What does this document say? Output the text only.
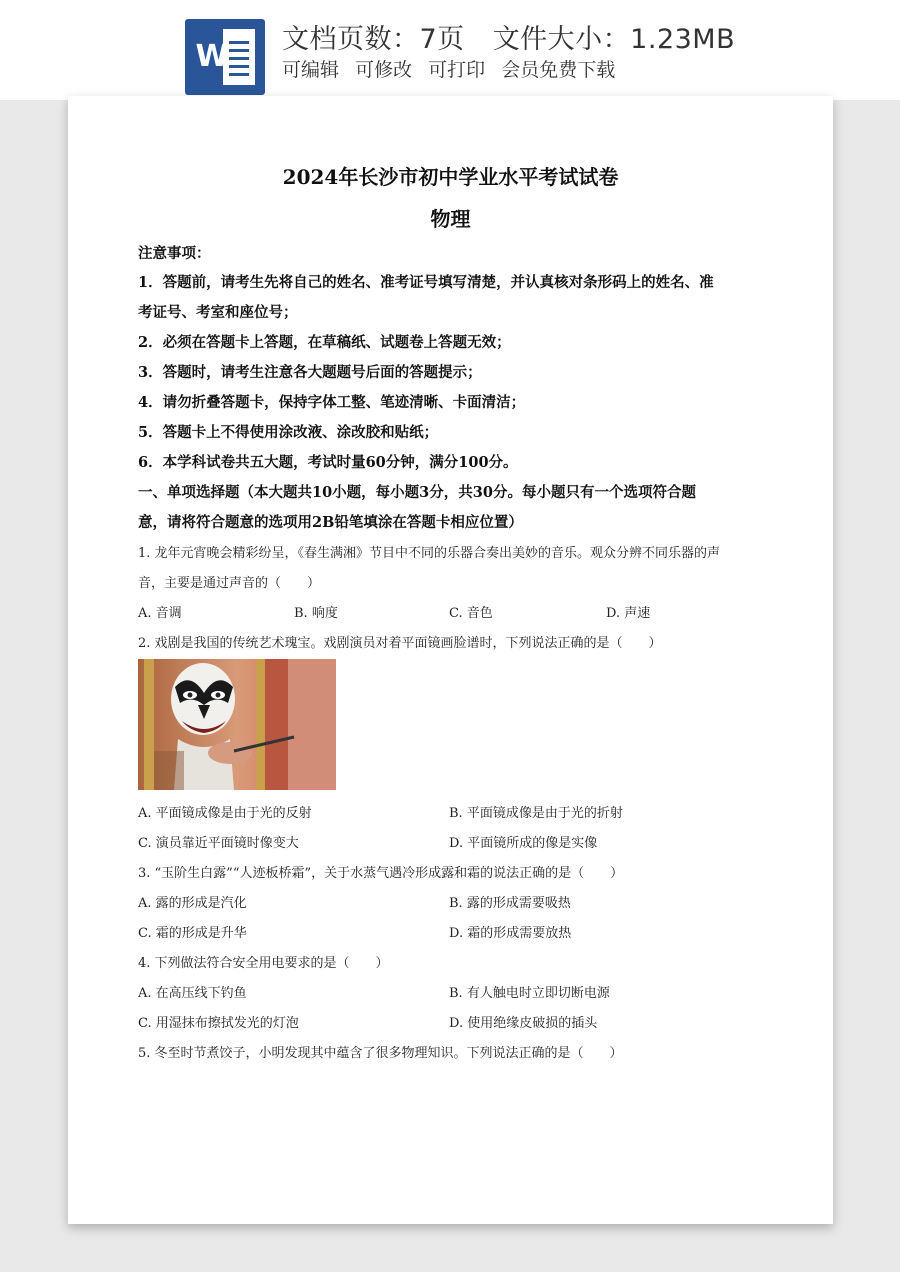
W 文档页数：7页 文件大小：1.23MB
可编辑 可修改 可打印 会员免费下载
2024年长沙市初中学业水平考试试卷
物理
注意事项：
1．答题前，请考生先将自己的姓名、准考证号填写清楚，并认真核对条形码上的姓名、准
考证号、考室和座位号；
2．必须在答题卡上答题，在草稿纸、试题卷上答题无效；
3．答题时，请考生注意各大题题号后面的答题提示；
4．请勿折叠答题卡，保持字体工整、笔迹清晰、卡面清洁；
5．答题卡上不得使用涂改液、涂改胶和贴纸；
6．本学科试卷共五大题，考试时量60分钟，满分100分。
一、单项选择题（本大题共10小题，每小题3分，共30分。每小题只有一个选项符合题
意，请将符合题意的选项用2B铅笔填涂在答题卡相应位置）
1. 龙年元宵晚会精彩纷呈，《春生满湘》节目中不同的乐器合奏出美妙的音乐。观众分辨不同乐器的声
音，主要是通过声音的（　　）
A. 音调	B. 响度	C. 音色	D. 声速
2. 戏剧是我国的传统艺术瑰宝。戏剧演员对着平面镜画脸谱时，下列说法正确的是（　　）
A. 平面镜成像是由于光的反射	B. 平面镜成像是由于光的折射
C. 演员靠近平面镜时像变大	D. 平面镜所成的像是实像
3. “玉阶生白露”“人迹板桥霜”，关于水蒸气遇冷形成露和霜的说法正确的是（　　）
A. 露的形成是汽化	B. 露的形成需要吸热
C. 霜的形成是升华	D. 霜的形成需要放热
4. 下列做法符合安全用电要求的是（　　）
A. 在高压线下钓鱼	B. 有人触电时立即切断电源
C. 用湿抹布擦拭发光的灯泡	D. 使用绝缘皮破损的插头
5. 冬至时节煮饺子，小明发现其中蕴含了很多物理知识。下列说法正确的是（　　）
